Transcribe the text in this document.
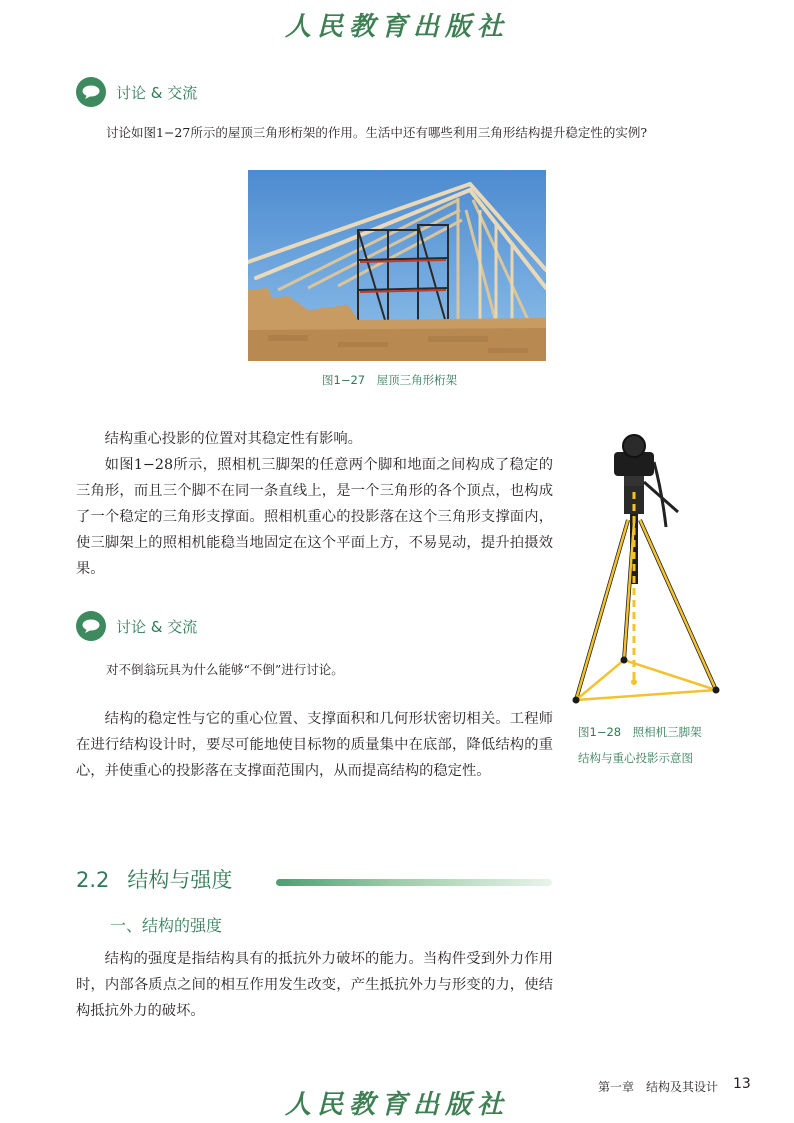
人民教育出版社
讨论 & 交流
讨论如图1−27所示的屋顶三角形桁架的作用。生活中还有哪些利用三角形结构提升稳定性的实例?
图1−27　屋顶三角形桁架

结构重心投影的位置对其稳定性有影响。

如图1−28所示，照相机三脚架的任意两个脚和地面之间构成了稳定的三角形，而且三个脚不在同一条直线上，是一个三角形的各个顶点，也构成了一个稳定的三角形支撑面。照相机重心的投影落在这个三角形支撑面内，使三脚架上的照相机能稳当地固定在这个平面上方，不易晃动，提升拍摄效果。

图1−28　照相机三脚架
结构与重心投影示意图
讨论 & 交流
对不倒翁玩具为什么能够“不倒”进行讨论。

结构的稳定性与它的重心位置、支撑面积和几何形状密切相关。工程师在进行结构设计时，要尽可能地使目标物的质量集中在底部，降低结构的重心，并使重心的投影落在支撑面范围内，从而提高结构的稳定性。

2.2 结构与强度
一、结构的强度

结构的强度是指结构具有的抵抗外力破坏的能力。当构件受到外力作用时，内部各质点之间的相互作用发生改变，产生抵抗外力与形变的力，使结构抵抗外力的破坏。

第一章　结构及其设计 13
人民教育出版社
